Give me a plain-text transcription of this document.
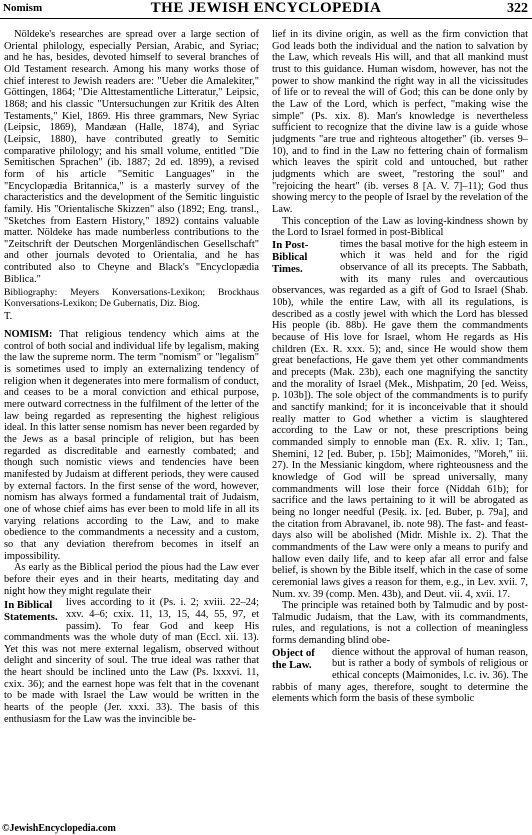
Nomism	THE JEWISH ENCYCLOPEDIA	322

Nöldeke's researches are spread over a large section of Oriental philology, especially Persian, Arabic, and Syriac; and he has, besides, devoted himself to several branches of Old Testament research. Among his many works those of chief interest to Jewish readers are: "Ueber die Amalekiter," Göttingen, 1864; "Die Alttestamentliche Litteratur," Leipsic, 1868; and his classic "Untersuchungen zur Kritik des Alten Testaments," Kiel, 1869. His three grammars, New Syriac (Leipsic, 1869), Mandæan (Halle, 1874), and Syriac (Leipsic, 1880), have contributed greatly to Semitic comparative philology; and his small volume, entitled "Die Semitischen Sprachen" (ib. 1887; 2d ed. 1899), a revised form of his article "Semitic Languages" in the "Encyclopædia Britannica," is a masterly survey of the characteristics and the development of the Semitic linguistic family. His "Orientalische Skizzen" also (1892; Eng. transl., "Sketches from Eastern History," 1892) contains valuable matter. Nöldeke has made numberless contributions to the "Zeitschrift der Deutschen Morgenländischen Gesellschaft" and other journals devoted to Orientalia, and he has contributed also to Cheyne and Black's "Encyclopædia Biblica."

Bibliography: Meyers Konversations-Lexikon; Brockhaus Konversations-Lexikon; De Gubernatis, Diz. Biog.

T.

NOMISM: That religious tendency which aims at the control of both social and individual life by legalism, making the law the supreme norm. The term "nomism" or "legalism" is sometimes used to imply an externalizing tendency of religion when it degenerates into mere formalism of conduct, and ceases to be a moral conviction and ethical purpose, mere outward correctness in the fulfilment of the letter of the law being regarded as representing the highest religious ideal. In this latter sense nomism has never been regarded by the Jews as a basal principle of religion, but has been regarded as discreditable and earnestly combated; and though such nomistic views and tendencies have been manifested by Judaism at different periods, they were caused by external factors. In the first sense of the word, however, nomism has always formed a fundamental trait of Judaism, one of whose chief aims has ever been to mold life in all its varying relations according to the Law, and to make obedience to the commandments a necessity and a custom, so that any deviation therefrom becomes in itself an impossibility.

As early as the Biblical period the pious had the Law ever before their eyes and in their hearts, meditating day and night how they might regulate their

In Biblical
Statements.

lives according to it (Ps. i. 2; xviii. 22–24; xxv. 4–6; cxix. 11, 13, 15, 44, 55, 97, et passim). To fear God and keep His commandments was the whole duty of man (Eccl. xii. 13). Yet this was not mere external legalism, observed without delight and sincerity of soul. The true ideal was rather that the heart should be inclined unto the Law (Ps. lxxxvi. 11, cxix. 36); and the earnest hope was felt that in the covenant to be made with Israel the Law would be written in the hearts of the people (Jer. xxxi. 33). The basis of this enthusiasm for the Law was the invincible be-

lief in its divine origin, as well as the firm conviction that God leads both the individual and the nation to salvation by the Law, which reveals His will, and that all mankind must trust to this guidance. Human wisdom, however, has not the power to show mankind the right way in all the vicissitudes of life or to reveal the will of God; this can be done only by the Law of the Lord, which is perfect, "making wise the simple" (Ps. xix. 8). Man's knowledge is nevertheless sufficient to recognize that the divine law is a guide whose judgments "are true and righteous altogether" (ib. verses 9–10), and to find in the Law no fettering chain of formalism which leaves the spirit cold and untouched, but rather judgments which are sweet, "restoring the soul" and "rejoicing the heart" (ib. verses 8 [A. V. 7]–11); God thus showing mercy to the people of Israel by the revelation of the Law.

This conception of the Law as loving-kindness shown by the Lord to Israel formed in post-Biblical

In Post-
Biblical
Times.

times the basal motive for the high esteem in which it was held and for the rigid observance of all its precepts. The Sabbath, with its many rules and overcautious observances, was regarded as a gift of God to Israel (Shab. 10b), while the entire Law, with all its regulations, is described as a costly jewel with which the Lord has blessed His people (ib. 88b). He gave them the commandments because of His love for Israel, whom He regards as His children (Ex. R. xxx. 5); and, since He would show them great benefactions, He gave them yet other commandments and precepts (Mak. 23b), each one magnifying the sanctity and the morality of Israel (Mek., Mishpatim, 20 [ed. Weiss, p. 103b]). The sole object of the commandments is to purify and sanctify mankind; for it is inconceivable that it should really matter to God whether a victim is slaughtered according to the Law or not, these prescriptions being commanded simply to ennoble man (Ex. R. xliv. 1; Tan., Shemini, 12 [ed. Buber, p. 15b]; Maimonides, "Moreh," iii. 27). In the Messianic kingdom, where righteousness and the knowledge of God will be spread universally, many commandments will lose their force (Niddah 61b); for sacrifice and the laws pertaining to it will be abrogated as being no longer needful (Pesiḳ. ix. [ed. Buber, p. 79a], and the citation from Abravanel, ib. note 98). The fast- and feast-days also will be abolished (Midr. Mishle ix. 2). That the commandments of the Law were only a means to purify and hallow even daily life, and to keep afar all error and false belief, is shown by the Bible itself, which in the case of some ceremonial laws gives a reason for them, e.g., in Lev. xvii. 7, Num. xv. 39 (comp. Men. 43b), and Deut. vii. 4, xvii. 17.

The principle was retained both by Talmudic and by post-Talmudic Judaism, that the Law, with its commandments, rules, and regulations, is not a collection of meaningless forms demanding blind obe-

Object of
the Law.

dience without the approval of human reason, but is rather a body of symbols of religious or ethical concepts (Maimonides, l.c. iv. 36). The rabbis of many ages, therefore, sought to determine the elements which form the basis of these symbolic

©JewishEncyclopedia.com
